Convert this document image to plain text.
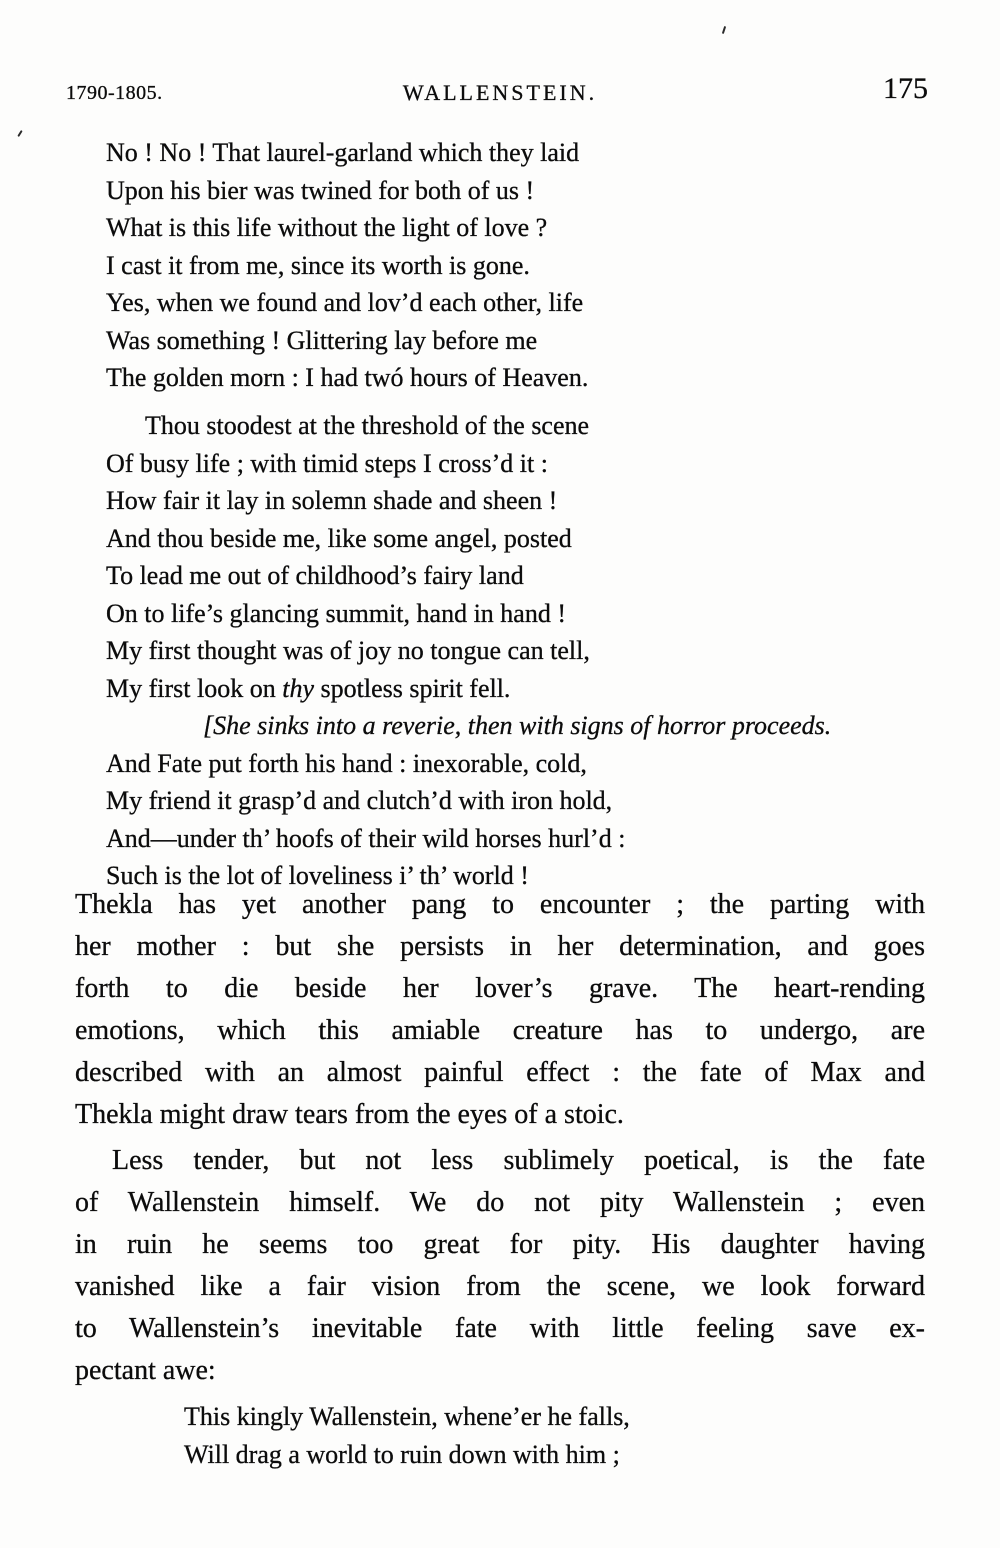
1790-1805.	WALLENSTEIN.	175
No ! No ! That laurel-garland which they laid
Upon his bier was twined for both of us !
What is this life without the light of love ?
I cast it from me, since its worth is gone.
Yes, when we found and lov’d each other, life
Was something ! Glittering lay before me
The golden morn : I had twó hours of Heaven.
Thou stoodest at the threshold of the scene
Of busy life ; with timid steps I cross’d it :
How fair it lay in solemn shade and sheen !
And thou beside me, like some angel, posted
To lead me out of childhood’s fairy land
On to life’s glancing summit, hand in hand !
My first thought was of joy no tongue can tell,
My first look on thy spotless spirit fell.
[She sinks into a reverie, then with signs of horror proceeds.
And Fate put forth his hand : inexorable, cold,
My friend it grasp’d and clutch’d with iron hold,
And—under th’ hoofs of their wild horses hurl’d :
Such is the lot of loveliness i’ th’ world !
Thekla has yet another pang to encounter ; the parting with
her mother : but she persists in her determination, and goes
forth to die beside her lover’s grave. The heart-rending
emotions, which this amiable creature has to undergo, are
described with an almost painful effect : the fate of Max and
Thekla might draw tears from the eyes of a stoic.
Less tender, but not less sublimely poetical, is the fate
of Wallenstein himself. We do not pity Wallenstein ; even
in ruin he seems too great for pity. His daughter having
vanished like a fair vision from the scene, we look forward
to Wallenstein’s inevitable fate with little feeling save ex-
pectant awe:
This kingly Wallenstein, whene’er he falls,
Will drag a world to ruin down with him ;
